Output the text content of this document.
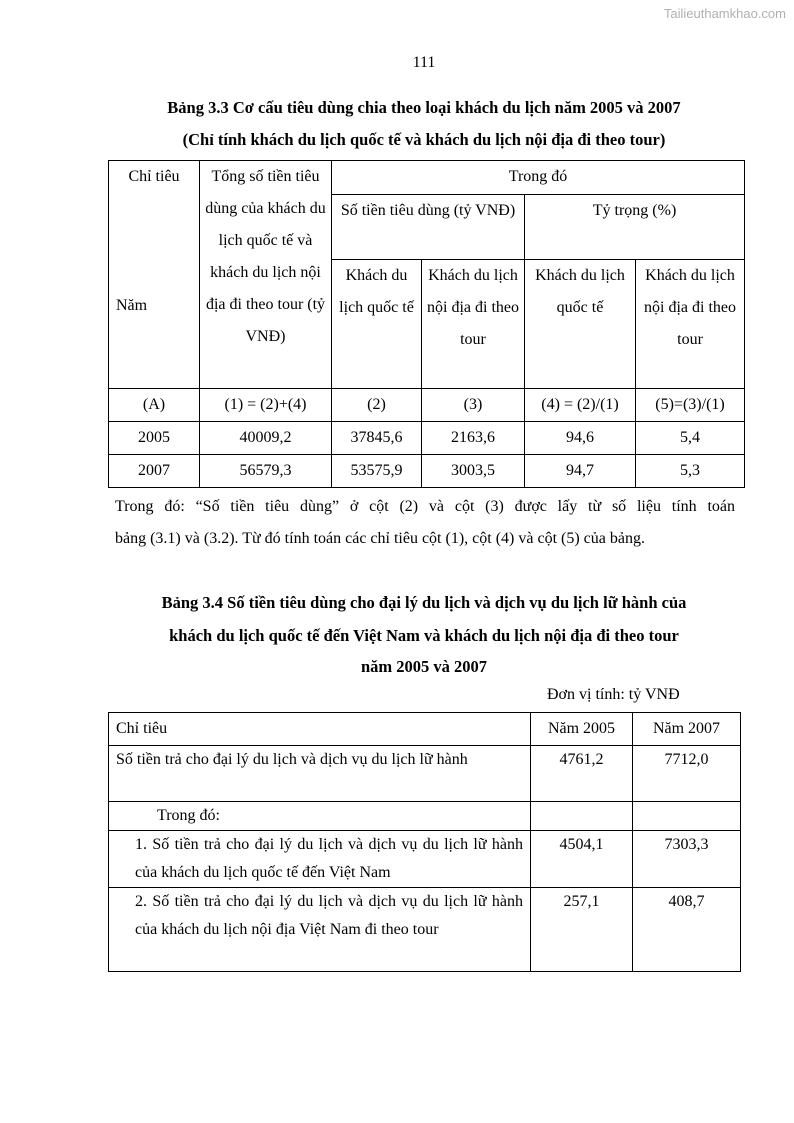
Tailieuthamkhao.com
111
Bảng 3.3 Cơ cấu tiêu dùng chia theo loại khách du lịch năm 2005 và 2007
(Chỉ tính khách du lịch quốc tế và khách du lịch nội địa đi theo tour)
Chỉ tiêu
Năm	Tổng số tiền tiêu dùng của khách du lịch quốc tế và khách du lịch nội địa đi theo tour (tỷ VNĐ)	Trong đó			
		Số tiền tiêu dùng (tỷ VNĐ)		Tỷ trọng (%)	
		Khách du lịch quốc tế	Khách du lịch nội địa đi theo tour	Khách du lịch quốc tế	Khách du lịch nội địa đi theo tour
(A)	(1) = (2)+(4)	(2)	(3)	(4) = (2)/(1)	(5)=(3)/(1)
2005	40009,2	37845,6	2163,6	94,6	5,4
2007	56579,3	53575,9	3003,5	94,7	5,3
Trong đó: “Số tiền tiêu dùng” ở cột (2) và cột (3) được lấy từ số liệu tính toán
bảng (3.1) và (3.2). Từ đó tính toán các chỉ tiêu cột (1), cột (4) và cột (5) của bảng.
Bảng 3.4 Số tiền tiêu dùng cho đại lý du lịch và dịch vụ du lịch lữ hành của
khách du lịch quốc tế đến Việt Nam và khách du lịch nội địa đi theo tour
năm 2005 và 2007
Đơn vị tính: tỷ VNĐ
Chỉ tiêu	Năm 2005	Năm 2007
Số tiền trả cho đại lý du lịch và dịch vụ du lịch lữ hành	4761,2	7712,0
Trong đó:		
1. Số tiền trả cho đại lý du lịch và dịch vụ du lịch lữ hành của khách du lịch quốc tế đến Việt Nam	4504,1	7303,3
2. Số tiền trả cho đại lý du lịch và dịch vụ du lịch lữ hành của khách du lịch nội địa Việt Nam đi theo tour	257,1	408,7
